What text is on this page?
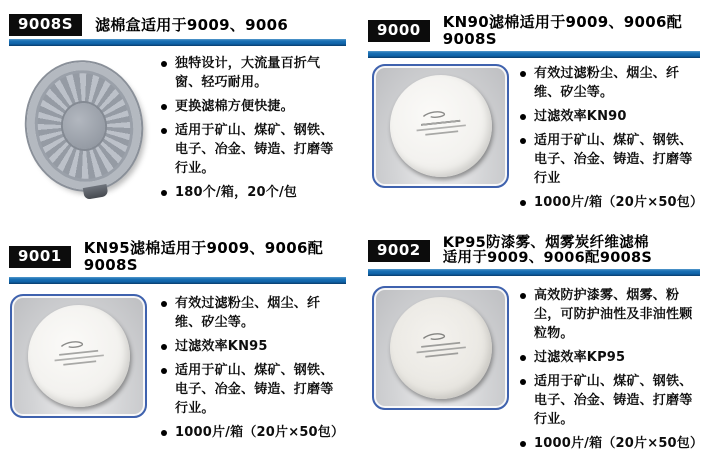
9008S	滤棉盒适用于9009、9006
独特设计，大流量百折气窗、轻巧耐用。
更换滤棉方便快捷。
适用于矿山、煤矿、钢铁、电子、冶金、铸造、打磨等行业。
180个/箱，20个/包
9000	KN90滤棉适用于9009、9006配9008S
有效过滤粉尘、烟尘、纤维、矽尘等。
过滤效率KN90
适用于矿山、煤矿、钢铁、电子、冶金、铸造、打磨等行业
1000片/箱（20片×50包）
9001	KN95滤棉适用于9009、9006配9008S
有效过滤粉尘、烟尘、纤维、矽尘等。
过滤效率KN95
适用于矿山、煤矿、钢铁、电子、冶金、铸造、打磨等行业。
1000片/箱（20片×50包）
9002	KP95防漆雾、烟雾炭纤维滤棉
适用于9009、9006配9008S
高效防护漆雾、烟雾、粉尘，可防护油性及非油性颗粒物。
过滤效率KP95
适用于矿山、煤矿、钢铁、电子、冶金、铸造、打磨等行业。
1000片/箱（20片×50包）
